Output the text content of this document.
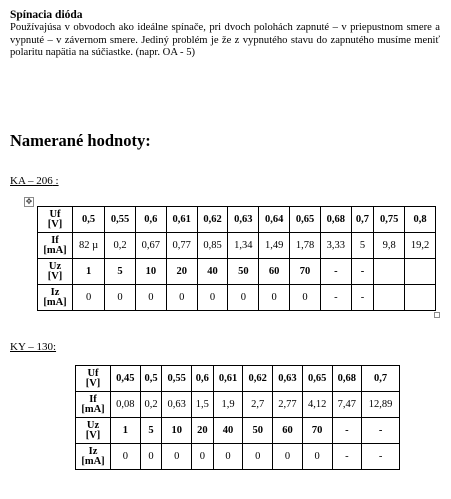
Spínacia dióda
Používajúsa v obvodoch ako ideálne spínače, pri dvoch polohách zapnuté – v priepustnom smere a vypnuté – v závernom smere. Jediný problém je že z vypnutého stavu do zapnutého musíme meniť polaritu napätia na súčiastke. (napr. OA - 5)
Namerané hodnoty:
KA – 206 :
✥
Uf
[V]	0,5	0,55	0,6	0,61	0,62	0,63	0,64	0,65	0,68	0,7	0,75	0,8

If
[mA]	82 µ	0,2	0,67	0,77	0,85	1,34	1,49	1,78	3,33	5	9,8	19,2

Uz
[V]	1	5	10	20	40	50	60	70	-	-		

Iz
[mA]	0	0	0	0	0	0	0	0	-	-		
KY – 130:
Uf
[V]	0,45	0,5	0,55	0,6	0,61	0,62	0,63	0,65	0,68	0,7

If
[mA]	0,08	0,2	0,63	1,5	1,9	2,7	2,77	4,12	7,47	12,89

Uz
[V]	1	5	10	20	40	50	60	70	-	-

Iz
[mA]	0	0	0	0	0	0	0	0	-	-
